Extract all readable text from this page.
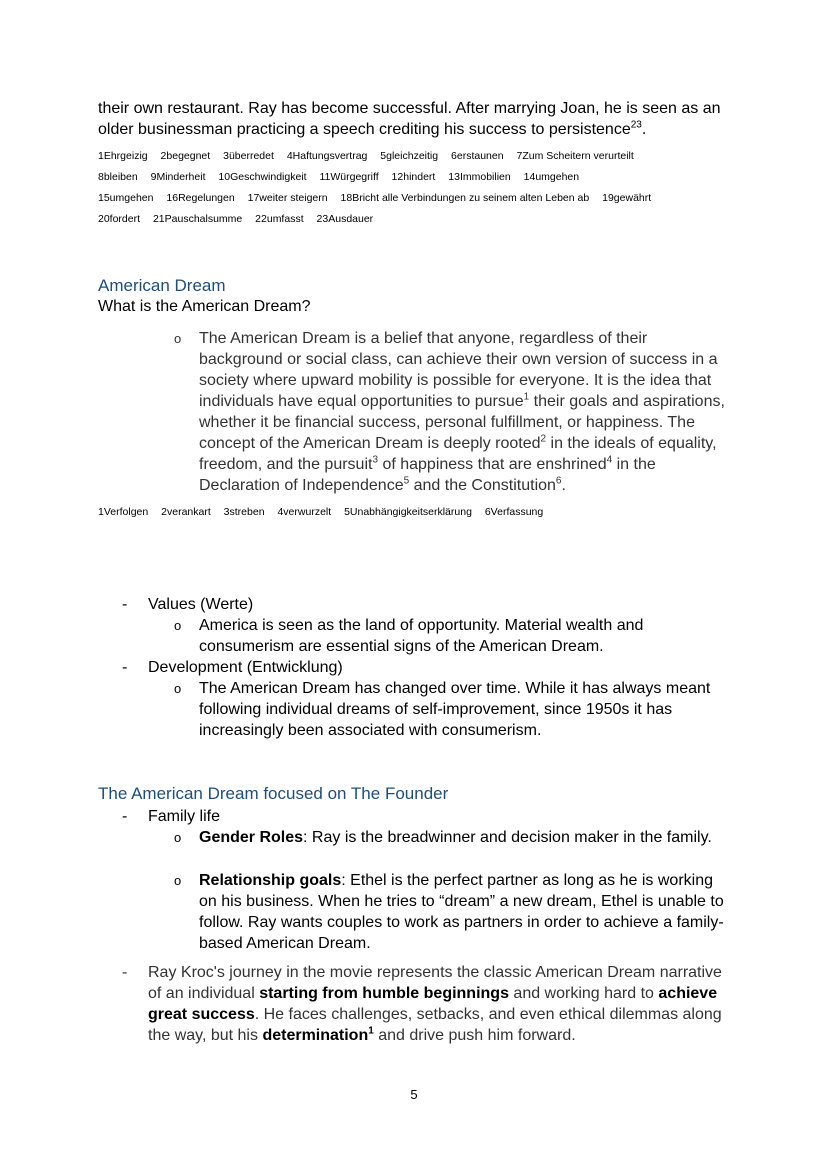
their own restaurant. Ray has become successful. After marrying Joan, he is seen as an older businessman practicing a speech crediting his success to persistence$^{23}$.

1Ehrgeizig 2begegnet 3überredet 4Haftungsvertrag 5gleichzeitig 6erstaunen 7Zum Scheitern verurteilt
8bleiben 9Minderheit 10Geschwindigkeit 11Würgegriff 12hindert 13Immobilien 14umgehen
15umgehen 16Regelungen 17weiter steigern 18Bricht alle Verbindungen zu seinem alten Leben ab 19gewährt
20fordert 21Pauschalsumme 22umfasst 23Ausdauer
American Dream

What is the American Dream?

o The American Dream is a belief that anyone, regardless of their background or social class, can achieve their own version of success in a society where upward mobility is possible for everyone. It is the idea that individuals have equal opportunities to pursue$^1$ their goals and aspirations, whether it be financial success, personal fulfillment, or happiness. The concept of the American Dream is deeply rooted$^2$ in the ideals of equality, freedom, and the pursuit$^3$ of happiness that are enshrined$^4$ in the Declaration of Independence$^5$ and the Constitution$^6$.
1Verfolgen 2verankart 3streben 4verwurzelt 5Unabhängigkeitserklärung 6Verfassung
- Values (Werte)
o America is seen as the land of opportunity. Material wealth and consumerism are essential signs of the American Dream.
- Development (Entwicklung)
o The American Dream has changed over time. While it has always meant following individual dreams of self-improvement, since 1950s it has increasingly been associated with consumerism.
The American Dream focused on The Founder
- Family life
o Gender Roles: Ray is the breadwinner and decision maker in the family.
o Relationship goals: Ethel is the perfect partner as long as he is working on his business. When he tries to “dream” a new dream, Ethel is unable to follow. Ray wants couples to work as partners in order to achieve a family-based American Dream.
- Ray Kroc's journey in the movie represents the classic American Dream narrative of an individual starting from humble beginnings and working hard to achieve great success. He faces challenges, setbacks, and even ethical dilemmas along the way, but his determination$^1$ and drive push him forward.
5
